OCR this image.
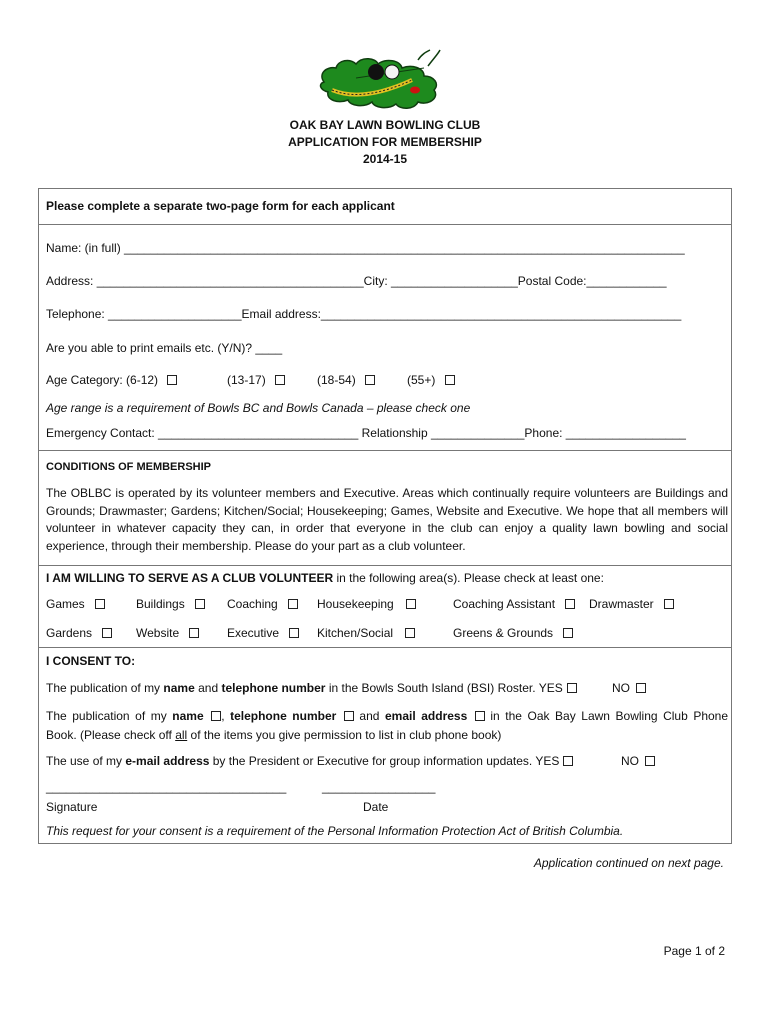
OAK BAY LAWN BOWLING CLUB
APPLICATION FOR MEMBERSHIP
2014-15
Please complete a separate two-page form for each applicant
Name: (in full) ____________________________________________________________________________________
Address: ________________________________________City: ___________________Postal Code:____________
Telephone: ____________________Email address:______________________________________________________
Are you able to print emails etc. (Y/N)? ____
Age Category: (6-12)	(13-17)	(18-54)	(55+)
Age range is a requirement of Bowls BC and Bowls Canada – please check one
Emergency Contact: ______________________________ Relationship ______________Phone: __________________
CONDITIONS OF MEMBERSHIP
The OBLBC is operated by its volunteer members and Executive. Areas which continually require volunteers are Buildings and Grounds; Drawmaster; Gardens; Kitchen/Social; Housekeeping; Games, Website and Executive. We hope that all members will volunteer in whatever capacity they can, in order that everyone in the club can enjoy a quality lawn bowling and social experience, through their membership. Please do your part as a club volunteer.
I AM WILLING TO SERVE AS A CLUB VOLUNTEER in the following area(s). Please check at least one:
Games	Buildings	Coaching	Housekeeping	Coaching Assistant	Drawmaster
Gardens	Website	Executive	Kitchen/Social	Greens & Grounds
I CONSENT TO:
The publication of my name and telephone number in the Bowls South Island (BSI) Roster. YES	NO
The publication of my name , telephone number  and email address  in the Oak Bay Lawn Bowling Club Phone
Book. (Please check off all of the items you give permission to list in club phone book)
The use of my e-mail address by the President or Executive for group information updates. YES	NO
____________________________________	_________________
Signature	Date
This request for your consent is a requirement of the Personal Information Protection Act of British Columbia.
Application continued on next page.
Page 1 of 2
